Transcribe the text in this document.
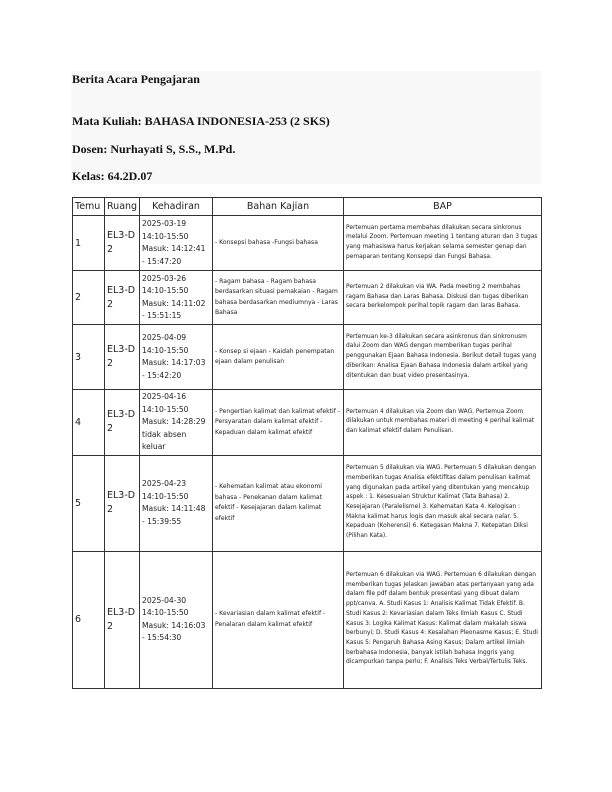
Berita Acara Pengajaran
Mata Kuliah: BAHASA INDONESIA-253 (2 SKS)
Dosen: Nurhayati S, S.S., M.Pd.
Kelas: 64.2D.07
Temu	Ruang	Kehadiran	Bahan Kajian	BAP
1	EL3-D2	2025-03-19 14:10-15:50
Masuk: 14:12:41 - 15:47:20	- Konsepsi bahasa -Fungsi bahasa	Pertemuan pertama membahas dilakukan secara sinkronus melalui Zoom. Pertemuan meeting 1 tentang aturan dan 3 tugas yang mahasiswa harus kerjakan selama semester genap dan pemaparan tentang Konsepsi dan Fungsi Bahasa.
2	EL3-D2	2025-03-26 14:10-15:50
Masuk: 14:11:02 - 15:51:15	- Ragam bahasa - Ragam bahasa berdasarkan situasi pemakaian - Ragam bahasa berdasarkan mediumnya - Laras Bahasa	Pertemuan 2 dilakukan via WA. Pada meeting 2 membahas ragam Bahasa dan Laras Bahasa. Diskusi dan tugas diberikan secara berkelompok perihal topik ragam dan laras Bahasa.
3	EL3-D2	2025-04-09 14:10-15:50
Masuk: 14:17:03 - 15:42:20	- Konsep si ejaan - Kaidah penempatan ejaan dalam penulisan	Pertemuan ke-3 dilakukan secara asinkronus dan sinkronusm dalui Zoom dan WAG dengan memberikan tugas perihal penggunakan Ejaan Bahasa Indonesia. Berikut detail tugas yang diberikan: Analisa Ejaan Bahasa Indonesia dalam artikel yang ditentukan dan buat video presentasinya.
4	EL3-D2	2025-04-16 14:10-15:50
Masuk: 14:28:29
tidak absen keluar	- Pengertian kalimat dan kalimat efektif - Persyaratan dalam kalimat efektif - Kepaduan dalam kalimat efektif	Pertemuan 4 dilakukan via Zoom dan WAG. Pertemua Zoom dilakukan untuk membahas materi di meeting 4 perihal kalimat dan kalimat efektif dalam Penulisan.
5	EL3-D2	2025-04-23 14:10-15:50
Masuk: 14:11:48 - 15:39:55	- Kehematan kalimat atau ekonomi bahasa - Penekanan dalam kalimat efektif - Kesejajaran dalam kalimat efektif	Pertemuan 5 dilakukan via WAG. Pertemuan 5 dilakukan dengan memberikan tugas Analisa efektifitas dalam penulisan kalimat yang digunakan pada artikel yang ditentukan yang mencakup aspek : 1. Kesesuaian Struktur Kalimat (Tata Bahasa) 2. Kesejajaran (Paralelisme) 3. Kehematan Kata 4. Kelogisan : Makna kalimat harus logis dan masuk akal secara nalar. 5. Kepaduan (Koherensi) 6. Ketegasan Makna 7. Ketepatan Diksi (Pilihan Kata).
6	EL3-D2	2025-04-30 14:10-15:50
Masuk: 14:16:03 - 15:54:30	- Kevariasian dalam kalimat efektif - Penalaran dalam kalimat efektif	Pertemuan 6 dilakukan via WAG. Pertemuan 6 dilakukan dengan memberikan tugas Jelaskan jawaban atas pertanyaan yang ada dalam file pdf dalam bentuk presentasi yang dibuat dalam ppt/canva. A. Studi Kasus 1: Analisis Kalimat Tidak Efektif. B. Studi Kasus 2: Kevariasian dalam Teks Ilmiah Kasus C. Studi Kasus 3: Logika Kalimat Kasus: Kalimat dalam makalah siswa berbunyi; D. Studi Kasus 4: Kesalahan Pleonasme Kasus; E. Studi Kasus 5: Pengaruh Bahasa Asing Kasus: Dalam artikel ilmiah berbahasa Indonesia, banyak istilah bahasa Inggris yang dicampurkan tanpa perlu; F. Analisis Teks Verbal/Tertulis Teks.
